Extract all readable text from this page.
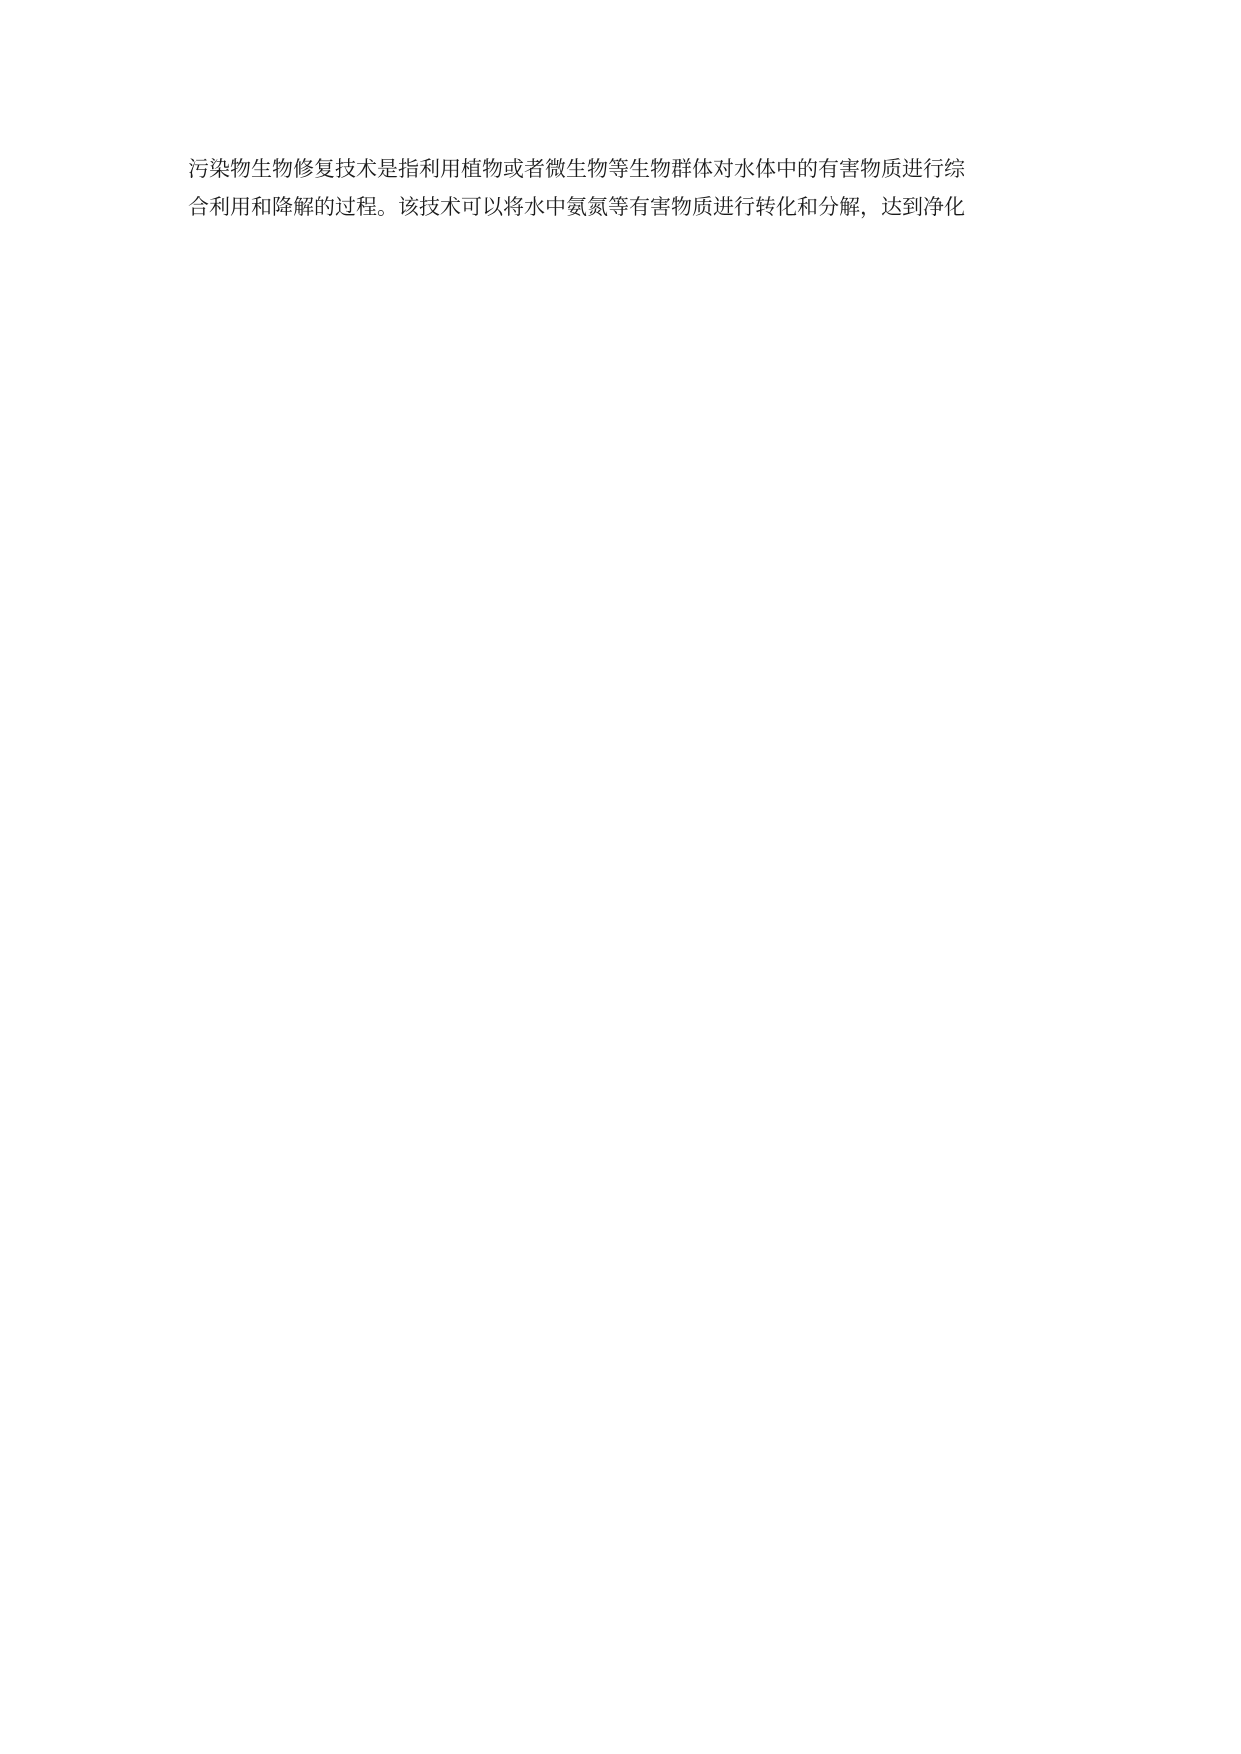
污染物生物修复技术是指利用植物或者微生物等生物群体对水体中的有害物质进行综
合利用和降解的过程。该技术可以将水中氨氮等有害物质进行转化和分解，达到净化
